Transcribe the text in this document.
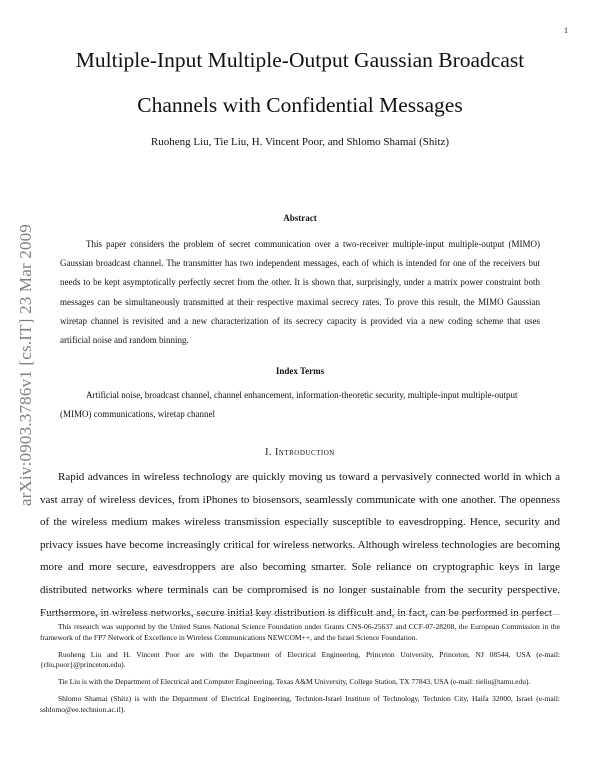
1
Multiple-Input Multiple-Output Gaussian Broadcast
Channels with Confidential Messages
Ruoheng Liu, Tie Liu, H. Vincent Poor, and Shlomo Shamai (Shitz)
arXiv:0903.3786v1 [cs.IT] 23 Mar 2009
Abstract

This paper considers the problem of secret communication over a two-receiver multiple-input multiple-output (MIMO) Gaussian broadcast channel. The transmitter has two independent messages, each of which is intended for one of the receivers but needs to be kept asymptotically perfectly secret from the other. It is shown that, surprisingly, under a matrix power constraint both messages can be simultaneously transmitted at their respective maximal secrecy rates. To prove this result, the MIMO Gaussian wiretap channel is revisited and a new characterization of its secrecy capacity is provided via a new coding scheme that uses artificial noise and random binning.

Index Terms

Artificial noise, broadcast channel, channel enhancement, information-theoretic security, multiple-input multiple-output (MIMO) communications, wiretap channel

I. Introduction

Rapid advances in wireless technology are quickly moving us toward a pervasively connected world in which a vast array of wireless devices, from iPhones to biosensors, seamlessly communicate with one another. The openness of the wireless medium makes wireless transmission especially susceptible to eavesdropping. Hence, security and privacy issues have become increasingly critical for wireless networks. Although wireless technologies are becoming more and more secure, eavesdroppers are also becoming smarter. Sole reliance on cryptographic keys in large distributed networks where terminals can be compromised is no longer sustainable from the security perspective. Furthermore, in wireless networks, secure initial key distribution is difficult and, in fact, can be performed in perfect

This research was supported by the United States National Science Foundation under Grants CNS-06-25637 and CCF-07-28208, the European Commission in the framework of the FP7 Network of Excellence in Wireless Communications NEWCOM++, and the Israel Science Foundation.

Ruoheng Liu and H. Vincent Poor are with the Department of Electrical Engineering, Princeton University, Princeton, NJ 08544, USA (e-mail: {rliu,poor}@princeton.edu).

Tie Liu is with the Department of Electrical and Computer Engineering, Texas A&M University, College Station, TX 77843, USA (e-mail: tieliu@tamu.edu).

Shlomo Shamai (Shitz) is with the Department of Electrical Engineering, Technion-Israel Institute of Technology, Technion City, Haifa 32000, Israel (e-mail: sshlomo@ee.technion.ac.il).
